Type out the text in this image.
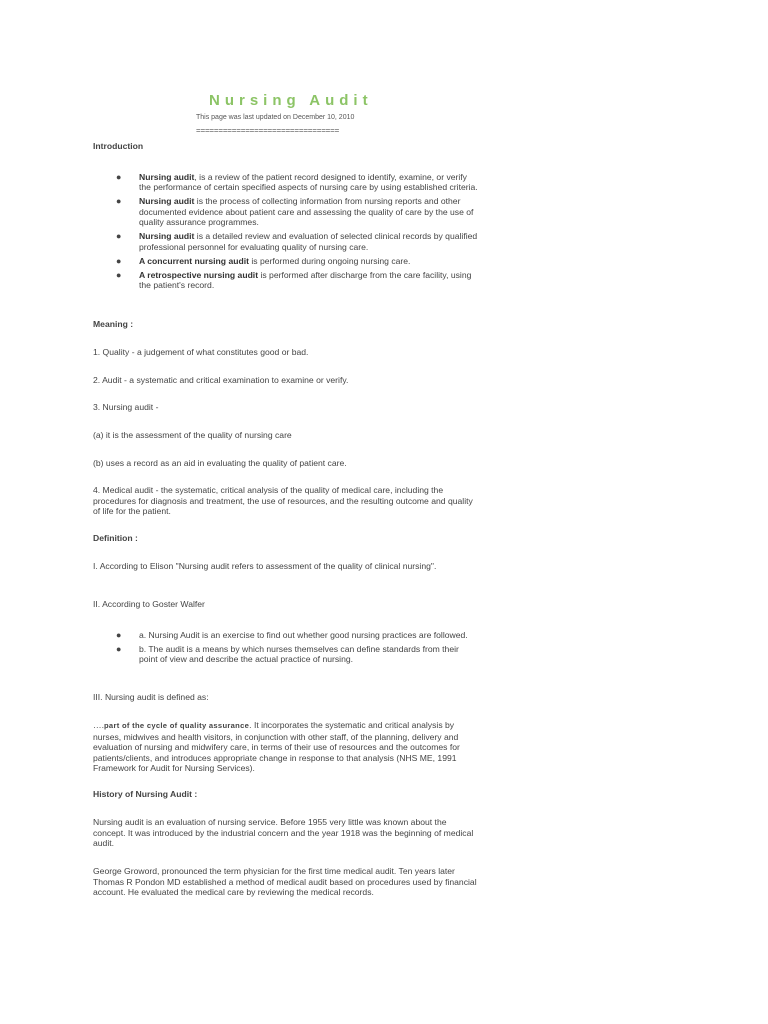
Nursing Audit
This page was last updated on December 10, 2010
================================
Introduction
● Nursing audit, is a review of the patient record designed to identify, examine, or verify the performance of certain specified aspects of nursing care by using established criteria.
● Nursing audit is the process of collecting information from nursing reports and other documented evidence about patient care and assessing the quality of care by the use of quality assurance programmes.
● Nursing audit is a detailed review and evaluation of selected clinical records by qualified professional personnel for evaluating quality of nursing care.
● A concurrent nursing audit is performed during ongoing nursing care.
● A retrospective nursing audit is performed after discharge from the care facility, using the patient's record.
Meaning :
1. Quality - a judgement of what constitutes good or bad.
2. Audit - a systematic and critical examination to examine or verify.
3. Nursing audit -
(a) it is the assessment of the quality of nursing care
(b) uses a record as an aid in evaluating the quality of patient care.
4. Medical audit - the systematic, critical analysis of the quality of medical care, including the procedures for diagnosis and treatment, the use of resources, and the resulting outcome and quality of life for the patient.
Definition :
I. According to Elison "Nursing audit refers to assessment of the quality of clinical nursing".
II. According to Goster Walfer
● a. Nursing Audit is an exercise to find out whether good nursing practices are followed.
● b. The audit is a means by which nurses themselves can define standards from their point of view and describe the actual practice of nursing.
III. Nursing audit is defined as:
….part of the cycle of quality assurance. It incorporates the systematic and critical analysis by nurses, midwives and health visitors, in conjunction with other staff, of the planning, delivery and evaluation of nursing and midwifery care, in terms of their use of resources and the outcomes for patients/clients, and introduces appropriate change in response to that analysis (NHS ME, 1991 Framework for Audit for Nursing Services).
History of Nursing Audit :
Nursing audit is an evaluation of nursing service. Before 1955 very little was known about the concept. It was introduced by the industrial concern and the year 1918 was the beginning of medical audit.
George Groword, pronounced the term physician for the first time medical audit. Ten years later Thomas R Pondon MD established a method of medical audit based on procedures used by financial account. He evaluated the medical care by reviewing the medical records.
